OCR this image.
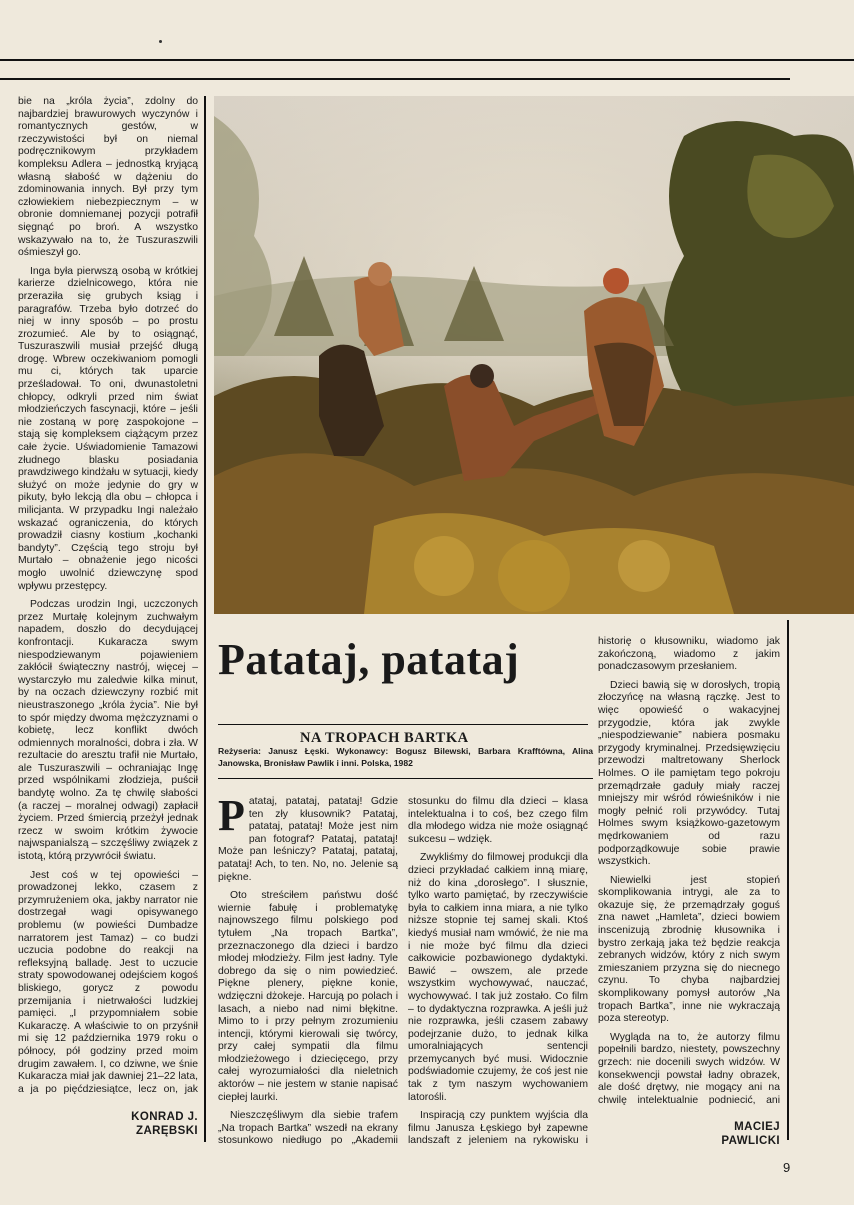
bie na „króla życia”, zdolny do najbardziej brawurowych wyczynów i romantycznych gestów, w rzeczywistości był on niemal podręcznikowym przykładem kompleksu Adlera – jednostką kryjącą własną słabość w dążeniu do zdominowania innych. Był przy tym człowiekiem niebezpiecznym – w obronie domniemanej pozycji potrafił sięgnąć po broń. A wszystko wskazywało na to, że Tuszuraszwili ośmieszył go.

Inga była pierwszą osobą w krótkiej karierze dzielnicowego, która nie przeraziła się grubych ksiąg i paragrafów. Trzeba było dotrzeć do niej w inny sposób – po prostu zrozumieć. Ale by to osiągnąć, Tuszuraszwili musiał przejść długą drogę. Wbrew oczekiwaniom pomogli mu ci, których tak uparcie prześladował. To oni, dwunastoletni chłopcy, odkryli przed nim świat młodzieńczych fascynacji, które – jeśli nie zostaną w porę zaspokojone – stają się kompleksem ciążącym przez całe życie. Uświadomienie Tamazowi złudnego blasku posiadania prawdziwego kindżału w sytuacji, kiedy służyć on może jedynie do gry w pikuty, było lekcją dla obu – chłopca i milicjanta. W przypadku Ingi należało wskazać ograniczenia, do których prowadził ciasny kostium „kochanki bandyty”. Częścią tego stroju był Murtało – obnażenie jego nicości mogło uwolnić dziewczynę spod wpływu przestępcy.

Podczas urodzin Ingi, uczczonych przez Murtałę kolejnym zuchwałym napadem, doszło do decydującej konfrontacji. Kukaracza swym niespodziewanym pojawieniem zakłócił świąteczny nastrój, więcej – wystarczyło mu zaledwie kilka minut, by na oczach dziewczyny rozbić mit nieustraszonego „króla życia”. Nie był to spór między dwoma mężczyznami o kobietę, lecz konflikt dwóch odmiennych moralności, dobra i zła. W rezultacie do aresztu trafił nie Murtało, ale Tuszuraszwili – ochraniając Ingę przed wspólnikami złodzieja, puścił bandytę wolno. Za tę chwilę słabości (a raczej – moralnej odwagi) zapłacił życiem. Przed śmiercią przeżył jednak rzecz w swoim krótkim żywocie najwspanialszą – szczęśliwy związek z istotą, którą przywrócił światu.

Jest coś w tej opowieści – prowadzonej lekko, czasem z przymrużeniem oka, jakby narrator nie dostrzegał wagi opisywanego problemu (w powieści Dumbadze narratorem jest Tamaz) – co budzi uczucia podobne do reakcji na refleksyjną balladę. Jest to uczucie straty spowodowanej odejściem kogoś bliskiego, gorycz z powodu przemijania i nietrwałości ludzkiej pamięci. „I przypomniałem sobie Kukaraczę. A właściwie to on przyśnił mi się 12 października 1979 roku o północy, pół godziny przed moim drugim zawałem. I, co dziwne, we śnie Kukaracza miał jak dawniej 21–22 lata, a ja po pięćdziesiątce, lecz on, jak

KONRAD J. ZARĘBSKI
Patataj, patataj
NA TROPACH BARTKA
Reżyseria: Janusz Łęski. Wykonawcy: Bogusz Bilewski, Barbara Krafftówna, Alina Janowska, Bronisław Pawlik i inni. Polska, 1982

Patataj, patataj, patataj! Gdzie ten zły kłusownik? Patataj, patataj, patataj! Może jest nim pan fotograf? Patataj, patataj! Może pan leśniczy? Patataj, patataj, patataj! Ach, to ten. No, no. Jelenie są piękne.

Oto streściłem państwu dość wiernie fabułę i problematykę najnowszego filmu polskiego pod tytułem „Na tropach Bartka”, przeznaczonego dla dzieci i bardzo młodej młodzieży. Film jest ładny. Tyle dobrego da się o nim powiedzieć. Piękne plenery, piękne konie, wdzięczni dżokeje. Harcują po polach i lasach, a niebo nad nimi błękitne. Mimo to i przy pełnym zrozumieniu intencji, którymi kierowali się twórcy, przy całej sympatii dla filmu młodzieżowego i dziecięcego, przy całej wyrozumiałości dla nieletnich aktorów – nie jestem w stanie napisać ciepłej laurki.

Nieszczęśliwym dla siebie trafem „Na tropach Bartka” wszedł na ekrany stosunkowo niedługo po „Akademii

stosunku do filmu dla dzieci – klasa intelektualna i to coś, bez czego film dla młodego widza nie może osiągnąć sukcesu – wdzięk.

Zwykliśmy do filmowej produkcji dla dzieci przykładać całkiem inną miarę, niż do kina „dorosłego”. I słusznie, tylko warto pamiętać, by rzeczywiście była to całkiem inna miara, a nie tylko niższe stopnie tej samej skali. Ktoś kiedyś musiał nam wmówić, że nie ma i nie może być filmu dla dzieci całkowicie pozbawionego dydaktyki. Bawić – owszem, ale przede wszystkim wychowywać, nauczać, wychowywać. I tak już zostało. Co film – to dydaktyczna rozprawka. A jeśli już nie rozprawka, jeśli czasem zabawy podejrzanie dużo, to jednak kilka umoralniających sentencji przemycanych być musi. Widocznie podświadomie czujemy, że coś jest nie tak z tym naszym wychowaniem latorośli.

Inspiracją czy punktem wyjścia dla filmu Janusza Łęskiego był zapewne landszaft z jeleniem na rykowisku i

historię o kłusowniku, wiadomo jak zakończoną, wiadomo z jakim ponadczasowym przesłaniem.

Dzieci bawią się w dorosłych, tropią złoczyńcę na własną rączkę. Jest to więc opowieść o wakacyjnej przygodzie, która jak zwykle „niespodziewanie” nabiera posmaku przygody kryminalnej. Przedsięwzięciu przewodzi maltretowany Sherlock Holmes. O ile pamiętam tego pokroju przemądrzałe gaduły miały raczej mniejszy mir wśród rówieśników i nie mogły pełnić roli przywódcy. Tutaj Holmes swym książkowo-gazetowym mędrkowaniem od razu podporządkowuje sobie prawie wszystkich.

Niewielki jest stopień skomplikowania intrygi, ale za to okazuje się, że przemądrzały goguś zna nawet „Hamleta”, dzieci bowiem inscenizują zbrodnię kłusownika i bystro zerkają jaka też będzie reakcja zebranych widzów, który z nich swym zmieszaniem przyzna się do niecnego czynu. To chyba najbardziej skomplikowany pomysł autorów „Na tropach Bartka”, inne nie wykraczają poza stereotyp.

Wygląda na to, że autorzy filmu popełnili bardzo, niestety, powszechny grzech: nie docenili swych widzów. W konsekwencji powstał ładny obrazek, ale dość drętwy, nie mogący ani na chwilę intelektualnie podniecić, ani

MACIEJ PAWLICKI
9
